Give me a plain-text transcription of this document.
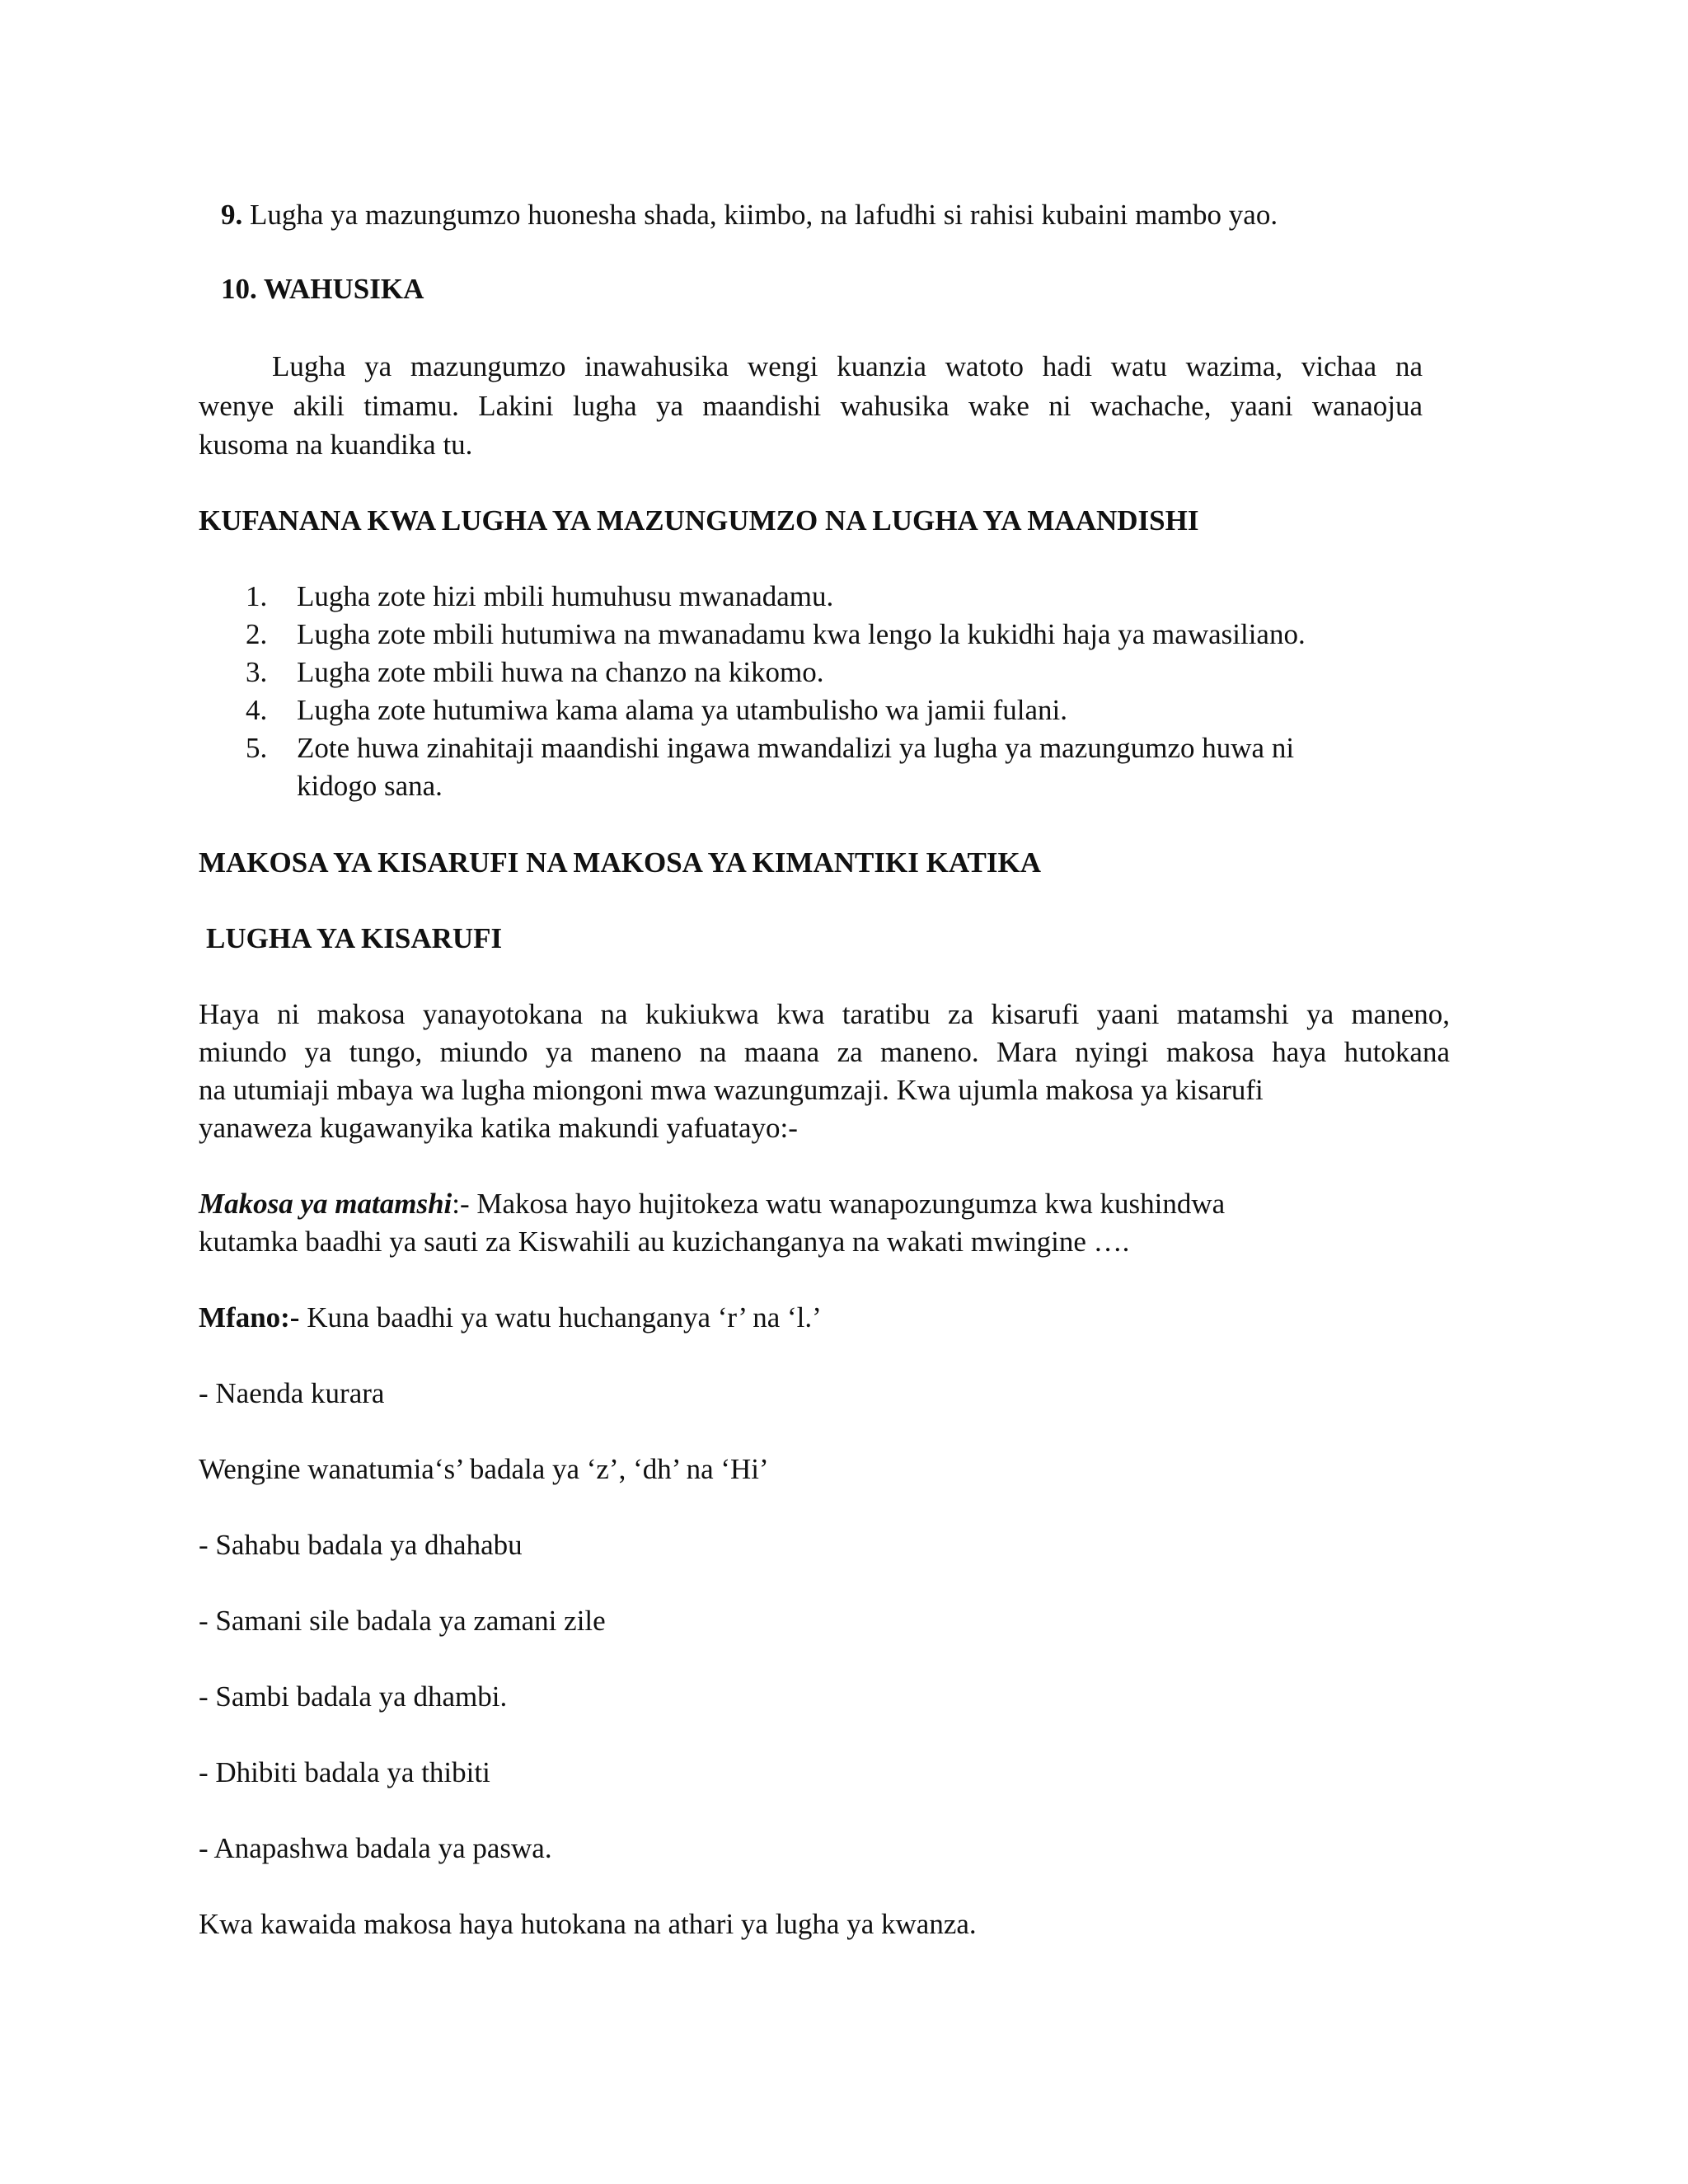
9. Lugha ya mazungumzo huonesha shada, kiimbo, na lafudhi si rahisi kubaini mambo yao.

10. WAHUSIKA

Lugha ya mazungumzo inawahusika wengi kuanzia watoto hadi watu wazima, vichaa na

wenye akili timamu. Lakini lugha ya maandishi wahusika wake ni wachache, yaani wanaojua

kusoma na kuandika tu.

KUFANANA KWA LUGHA YA MAZUNGUMZO NA LUGHA YA MAANDISHI

1. Lugha zote hizi mbili humuhusu mwanadamu.
2. Lugha zote mbili hutumiwa na mwanadamu kwa lengo la kukidhi haja ya mawasiliano.
3. Lugha zote mbili huwa na chanzo na kikomo.
4. Lugha zote hutumiwa kama alama ya utambulisho wa jamii fulani.
5. Zote huwa zinahitaji maandishi ingawa mwandalizi ya lugha ya mazungumzo huwa ni
kidogo sana.

MAKOSA YA KISARUFI NA MAKOSA YA KIMANTIKI KATIKA

LUGHA YA KISARUFI

Haya ni makosa yanayotokana na kukiukwa kwa taratibu za kisarufi yaani matamshi ya maneno,

miundo ya tungo, miundo ya maneno na maana za maneno. Mara nyingi makosa haya hutokana

na utumiaji mbaya wa lugha miongoni mwa wazungumzaji. Kwa ujumla makosa ya kisarufi

yanaweza kugawanyika katika makundi yafuatayo:-

Makosa ya matamshi:- Makosa hayo hujitokeza watu wanapozungumza kwa kushindwa

kutamka baadhi ya sauti za Kiswahili au kuzichanganya na wakati mwingine ….

Mfano:- Kuna baadhi ya watu huchanganya ‘r’ na ‘l.’

- Naenda kurara

Wengine wanatumia‘s’ badala ya ‘z’, ‘dh’ na ‘Hi’

- Sahabu badala ya dhahabu

- Samani sile badala ya zamani zile

- Sambi badala ya dhambi.

- Dhibiti badala ya thibiti

- Anapashwa badala ya paswa.

Kwa kawaida makosa haya hutokana na athari ya lugha ya kwanza.
